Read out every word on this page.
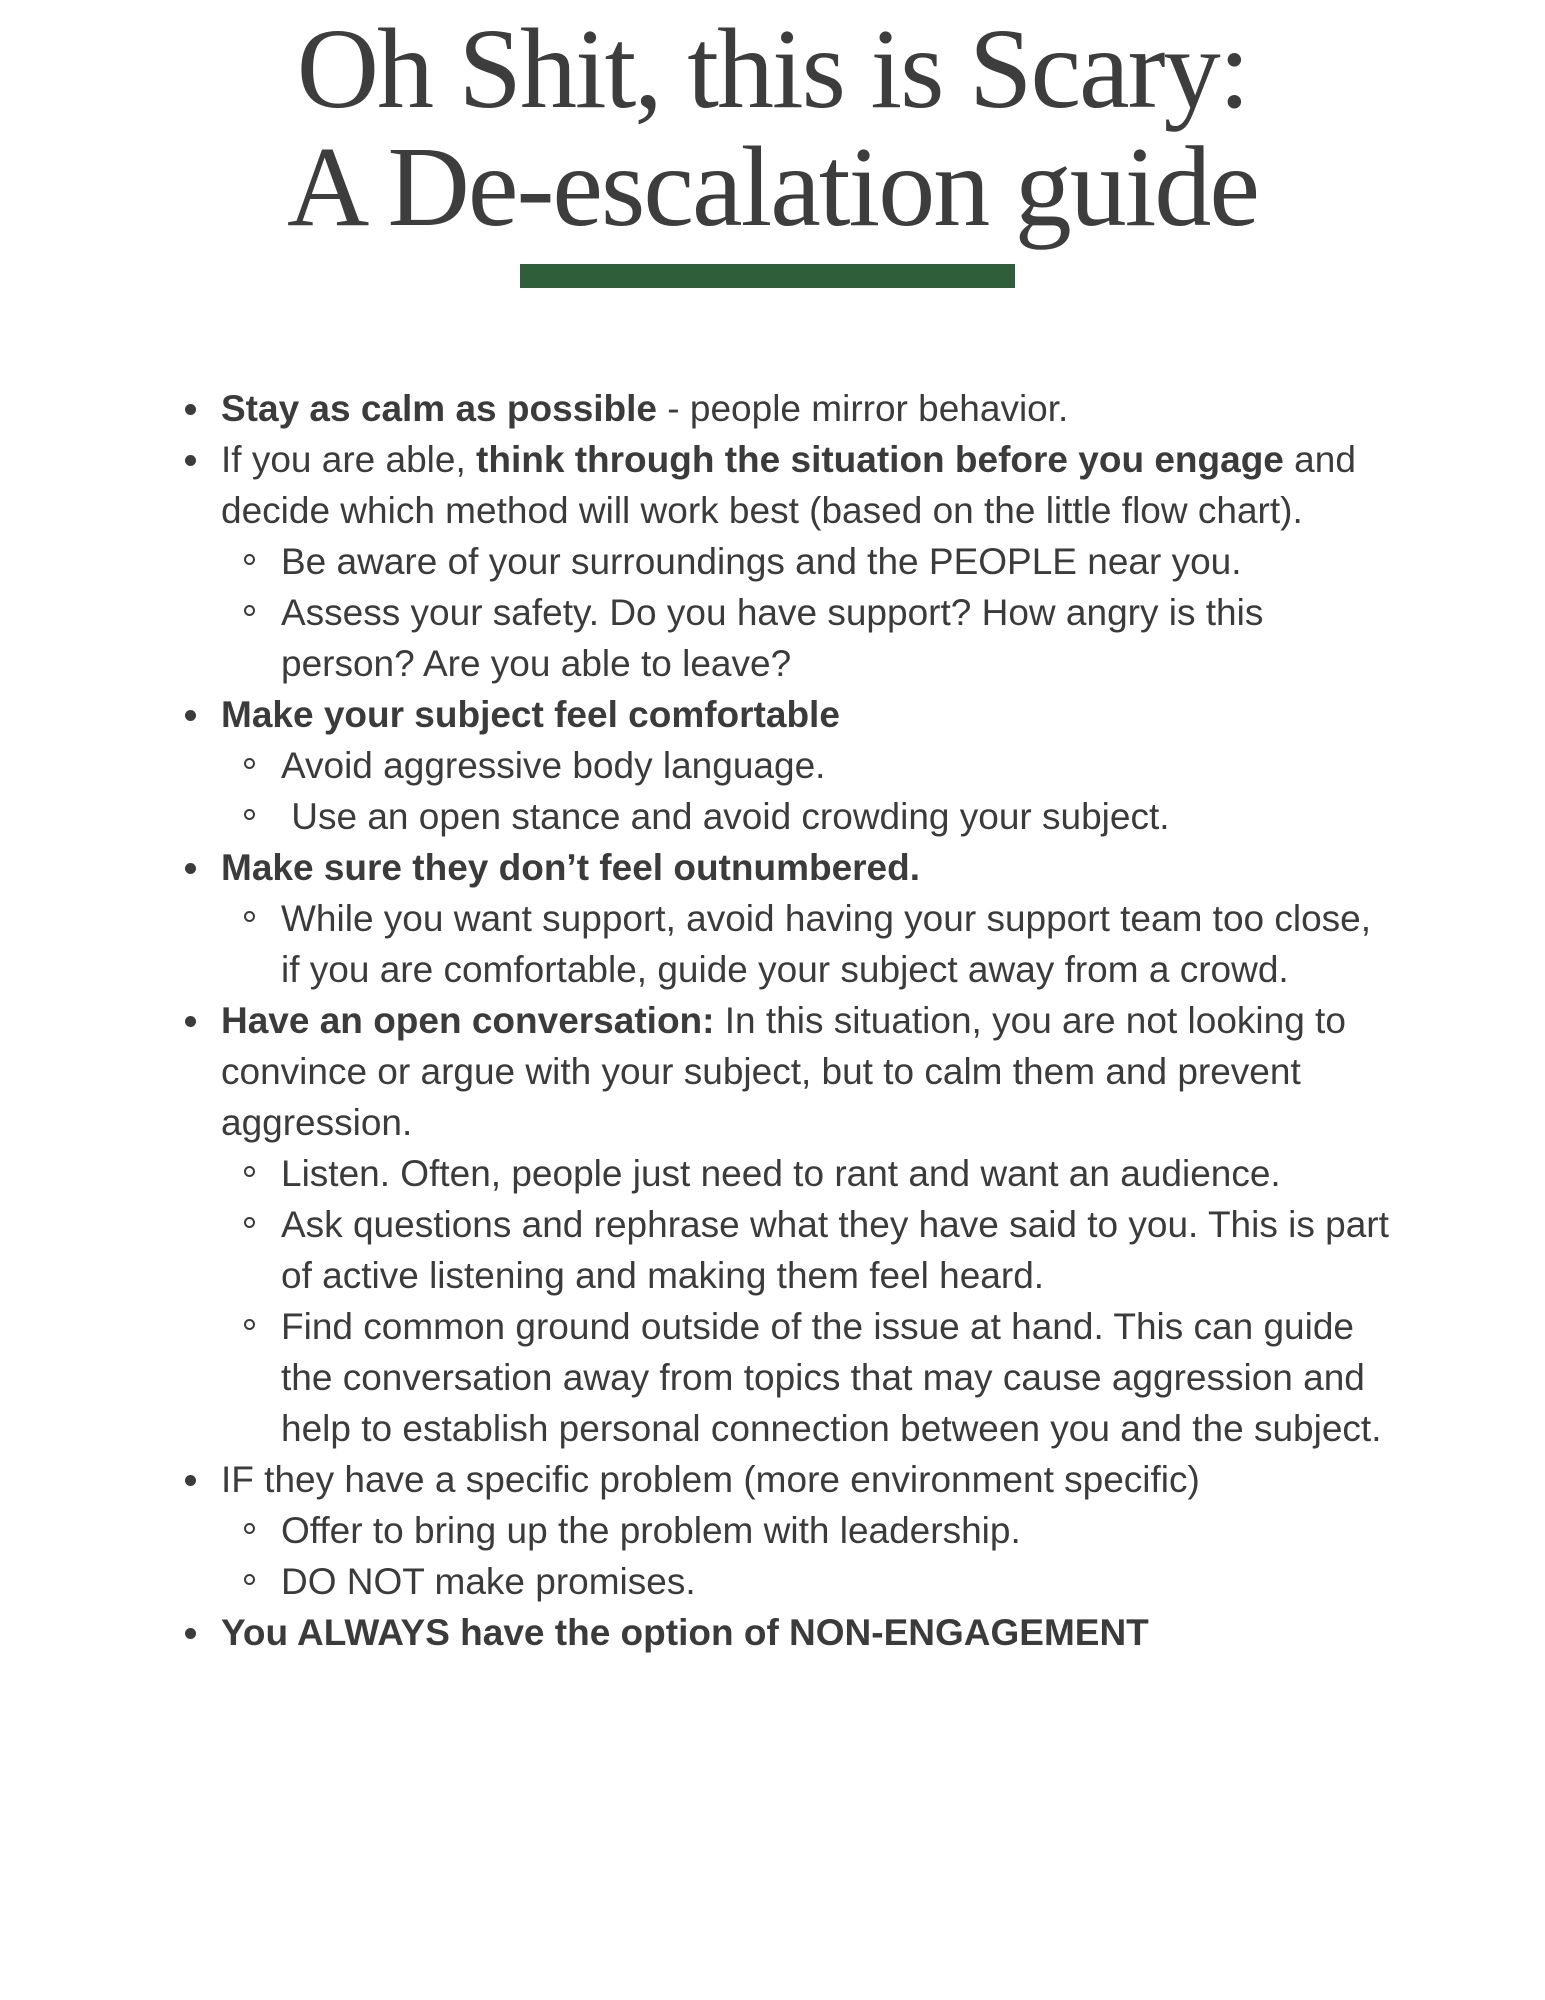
Oh Shit, this is Scary:
A De-escalation guide
Stay as calm as possible - people mirror behavior.
If you are able, think through the situation before you engage and decide which method will work best (based on the little flow chart).
Be aware of your surroundings and the PEOPLE near you.
Assess your safety. Do you have support? How angry is this person? Are you able to leave?
Make your subject feel comfortable
Avoid aggressive body language.
Use an open stance and avoid crowding your subject.
Make sure they don’t feel outnumbered.
While you want support, avoid having your support team too close, if you are comfortable, guide your subject away from a crowd.
Have an open conversation: In this situation, you are not looking to convince or argue with your subject, but to calm them and prevent aggression.
Listen. Often, people just need to rant and want an audience.
Ask questions and rephrase what they have said to you. This is part of active listening and making them feel heard.
Find common ground outside of the issue at hand. This can guide the conversation away from topics that may cause aggression and help to establish personal connection between you and the subject.
IF they have a specific problem (more environment specific)
Offer to bring up the problem with leadership.
DO NOT make promises.
You ALWAYS have the option of NON-ENGAGEMENT
